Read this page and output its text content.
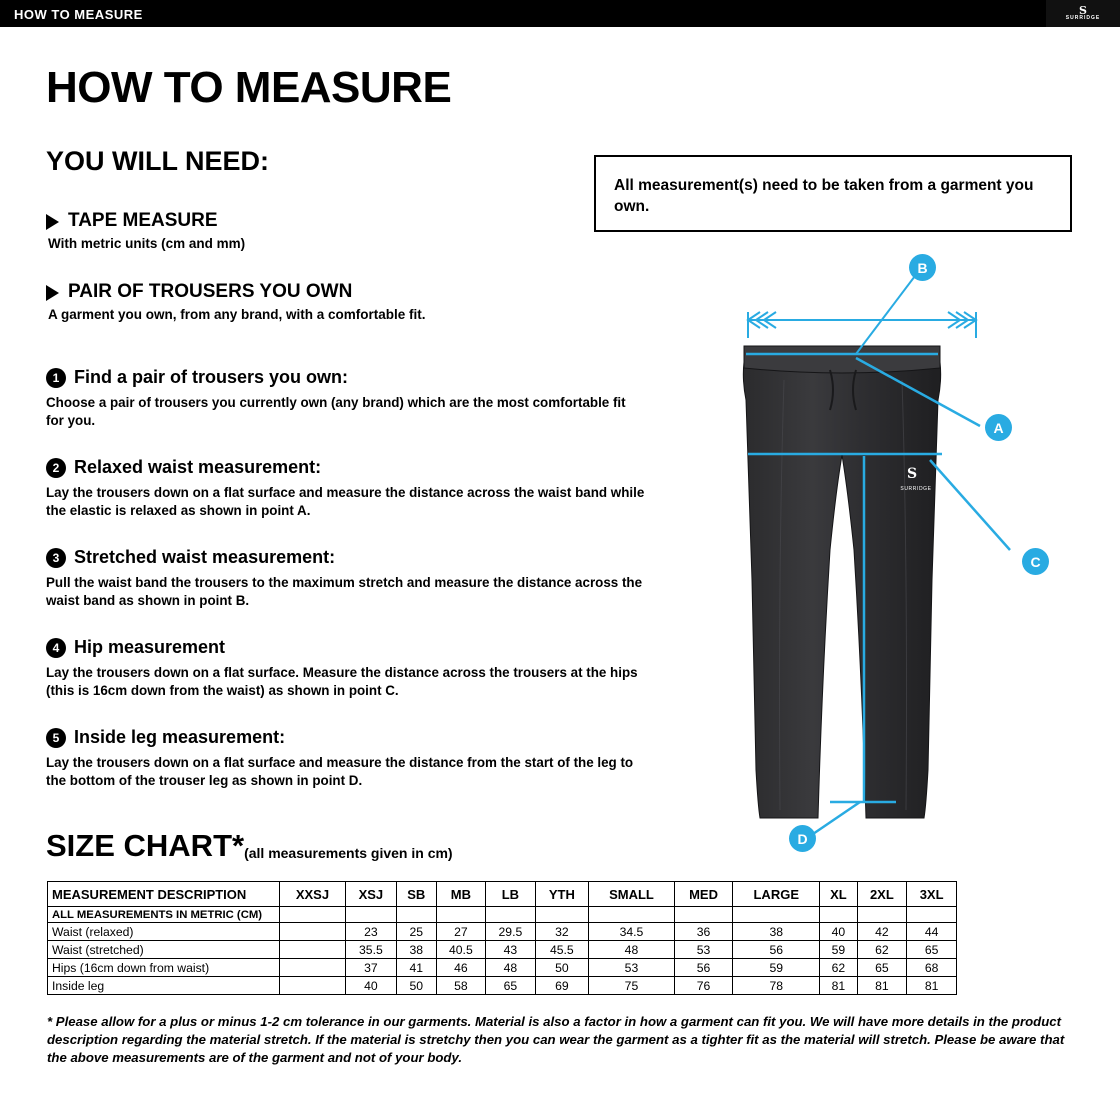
HOW TO MEASURE	S
SURRIDGE
HOW TO MEASURE
YOU WILL NEED:
All measurement(s) need to be taken from a garment you own.
TAPE MEASURE
With metric units (cm and mm)
PAIR OF TROUSERS YOU OWN
A garment you own, from any brand, with a comfortable fit.
1 Find a pair of trousers you own:
Choose a pair of trousers you currently own (any brand) which are the most comfortable fit for you.
2 Relaxed waist measurement:
Lay the trousers down on a flat surface and measure the distance across the waist band while the elastic is relaxed as shown in point A.
3 Stretched waist measurement:
Pull the waist band the trousers to the maximum stretch and measure the distance across the waist band as shown in point B.
4 Hip measurement
Lay the trousers down on a flat surface. Measure the distance across the trousers at the hips (this is 16cm down from the waist) as shown in point C.
5 Inside leg measurement:
Lay the trousers down on a flat surface and measure the distance from the start of the leg to the bottom of the trouser leg as shown in point D.
S
SURRIDGE
B
A
C
D
SIZE CHART*(all measurements given in cm)
MEASUREMENT DESCRIPTION	XXSJ	XSJ	SB	MB	LB	YTH	SMALL	MED	LARGE	XL	2XL	3XL
ALL MEASUREMENTS IN METRIC (CM)												
Waist (relaxed)		23	25	27	29.5	32	34.5	36	38	40	42	44
Waist (stretched)		35.5	38	40.5	43	45.5	48	53	56	59	62	65
Hips (16cm down from waist)		37	41	46	48	50	53	56	59	62	65	68
Inside leg		40	50	58	65	69	75	76	78	81	81	81
* Please allow for a plus or minus 1-2 cm tolerance in our garments. Material is also a factor in how a garment can fit you. We will have more details in the product description regarding the material stretch. If the material is stretchy then you can wear the garment as a tighter fit as the material will stretch. Please be aware that the above measurements are of the garment and not of your body.
